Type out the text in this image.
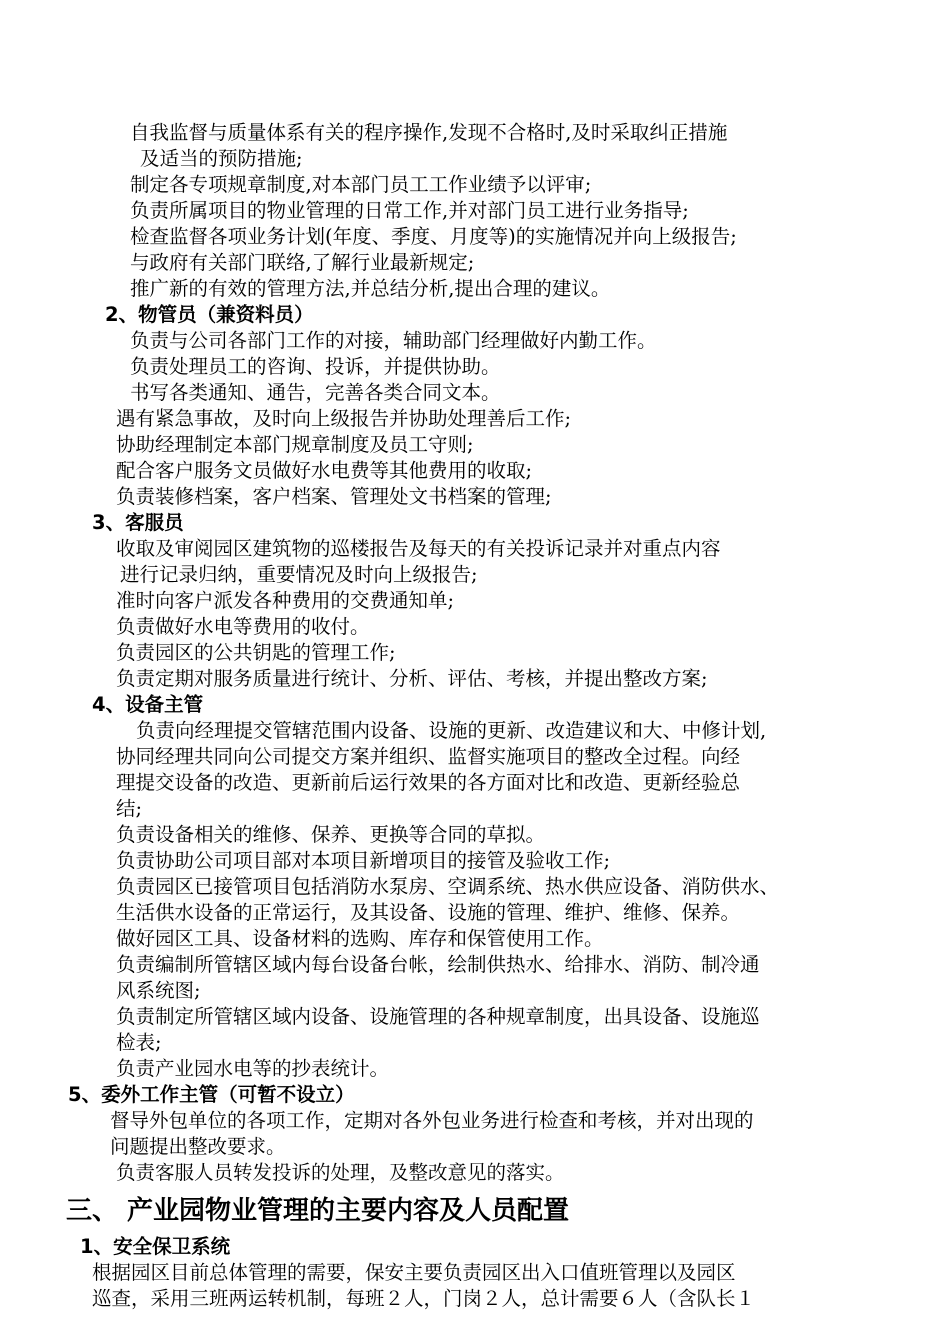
自我监督与质量体系有关的程序操作,发现不合格时,及时采取纠正措施
及适当的预防措施;
制定各专项规章制度,对本部门员工工作业绩予以评审;
负责所属项目的物业管理的日常工作,并对部门员工进行业务指导;
检查监督各项业务计划(年度、季度、月度等)的实施情况并向上级报告;
与政府有关部门联络,了解行业最新规定;
推广新的有效的管理方法,并总结分析,提出合理的建议。
2、物管员（兼资料员）
负责与公司各部门工作的对接，辅助部门经理做好内勤工作。
负责处理员工的咨询、投诉，并提供协助。
书写各类通知、通告，完善各类合同文本。
遇有紧急事故，及时向上级报告并协助处理善后工作;
协助经理制定本部门规章制度及员工守则;
配合客户服务文员做好水电费等其他费用的收取;
负责装修档案，客户档案、管理处文书档案的管理;
3、客服员
收取及审阅园区建筑物的巡楼报告及每天的有关投诉记录并对重点内容
进行记录归纳，重要情况及时向上级报告;
准时向客户派发各种费用的交费通知单;
负责做好水电等费用的收付。
负责园区的公共钥匙的管理工作;
负责定期对服务质量进行统计、分析、评估、考核，并提出整改方案;
4、设备主管
负责向经理提交管辖范围内设备、设施的更新、改造建议和大、中修计划,
协同经理共同向公司提交方案并组织、监督实施项目的整改全过程。向经
理提交设备的改造、更新前后运行效果的各方面对比和改造、更新经验总
结;
负责设备相关的维修、保养、更换等合同的草拟。
负责协助公司项目部对本项目新增项目的接管及验收工作;
负责园区已接管项目包括消防水泵房、空调系统、热水供应设备、消防供水、
生活供水设备的正常运行，及其设备、设施的管理、维护、维修、保养。
做好园区工具、设备材料的选购、库存和保管使用工作。
负责编制所管辖区域内每台设备台帐，绘制供热水、给排水、消防、制冷通
风系统图;
负责制定所管辖区域内设备、设施管理的各种规章制度，出具设备、设施巡
检表;
负责产业园水电等的抄表统计。
5、委外工作主管（可暂不设立）
督导外包单位的各项工作，定期对各外包业务进行检查和考核，并对出现的
问题提出整改要求。
负责客服人员转发投诉的处理，及整改意见的落实。
三、 产业园物业管理的主要内容及人员配置
1、安全保卫系统
根据园区目前总体管理的需要，保安主要负责园区出入口值班管理以及园区
巡查，采用三班两运转机制，每班２人，门岗２人，总计需要６人（含队长１
